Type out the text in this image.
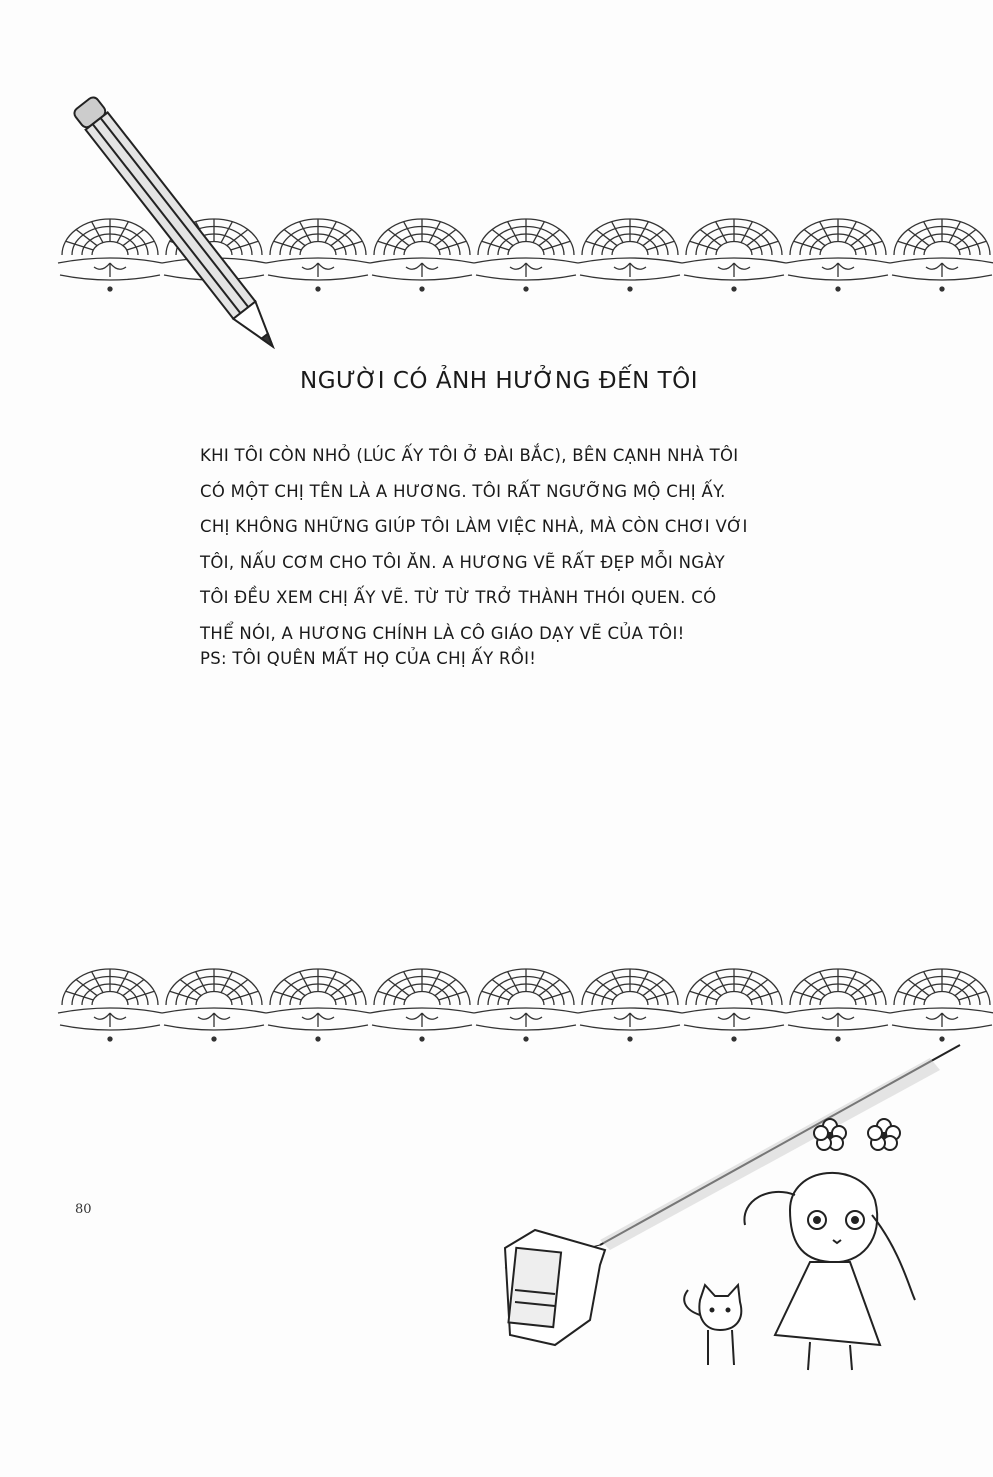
NGƯỜI CÓ ẢNH HƯỞNG ĐẾN TÔI
KHI TÔI CÒN NHỎ (LÚC ẤY TÔI Ở ĐÀI BẮC), BÊN CẠNH NHÀ TÔI
CÓ MỘT CHỊ TÊN LÀ A HƯƠNG. TÔI RẤT NGƯỠNG MỘ CHỊ ẤY.
CHỊ KHÔNG NHỮNG GIÚP TÔI LÀM VIỆC NHÀ, MÀ CÒN CHƠI VỚI
TÔI, NẤU CƠM CHO TÔI ĂN. A HƯƠNG VẼ RẤT ĐẸP MỖI NGÀY
TÔI ĐỀU XEM CHỊ ẤY VẼ. TỪ TỪ TRỞ THÀNH THÓI QUEN. CÓ
THỂ NÓI, A HƯƠNG CHÍNH LÀ CÔ GIÁO DẠY VẼ CỦA TÔI!
PS: TÔI QUÊN MẤT HỌ CỦA CHỊ ẤY RỒI!
80
